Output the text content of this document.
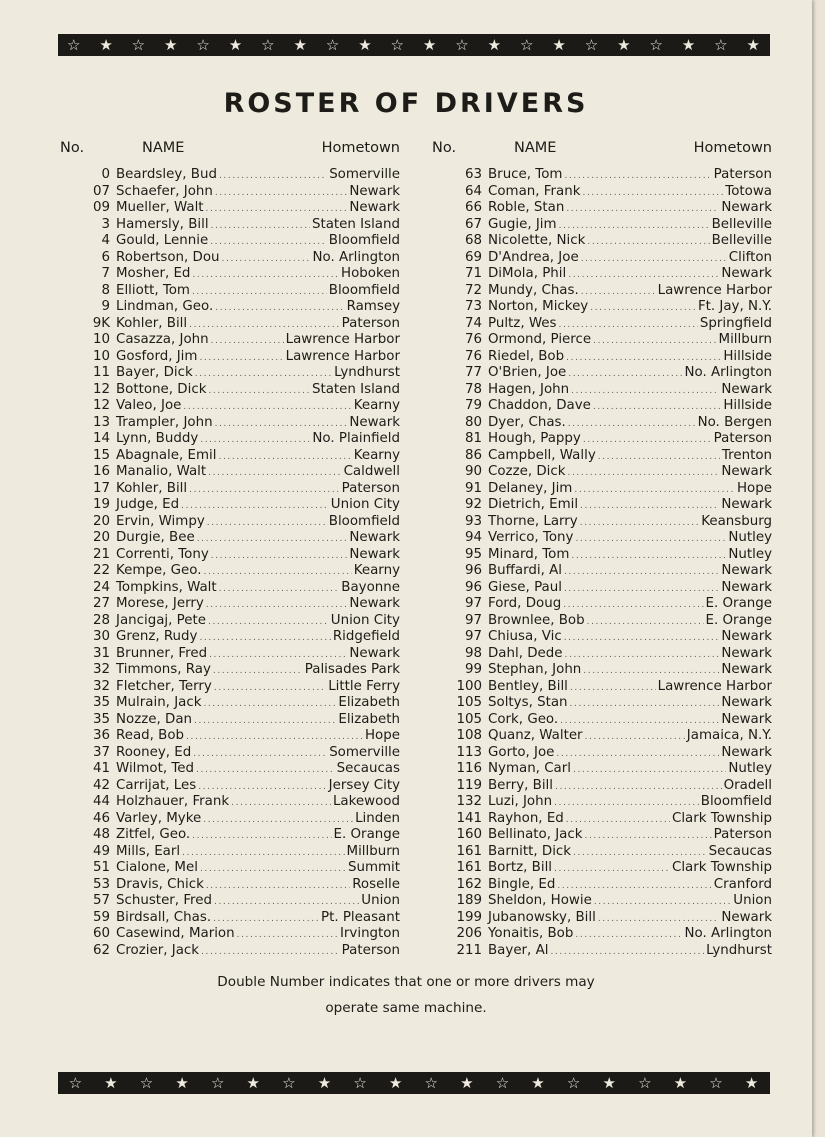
☆ ★ ☆ ★ ☆ ★ ☆ ★ ☆ ★ ☆ ★ ☆ ★ ☆ ★ ☆ ★ ☆ ★ ☆ ★
ROSTER OF DRIVERS
No.	NAME	Hometown
0 Beardsley, Bud .....	Somerville
07 Schaefer, John .....	Newark
09 Mueller, Walt .....	Newark
3 Hamersly, Bill .....	Staten Island
4 Gould, Lennie .....	Bloomfield
6 Robertson, Dou .....	No. Arlington
7 Mosher, Ed .....	Hoboken
8 Elliott, Tom .....	Bloomfield
9 Lindman, Geo. .....	Ramsey
9K Kohler, Bill .....	Paterson
10 Casazza, John .....	Lawrence Harbor
10 Gosford, Jim .....	Lawrence Harbor
11 Bayer, Dick .....	Lyndhurst
12 Bottone, Dick .....	Staten Island
12 Valeo, Joe .....	Kearny
13 Trampler, John .....	Newark
14 Lynn, Buddy .....	No. Plainfield
15 Abagnale, Emil .....	Kearny
16 Manalio, Walt .....	Caldwell
17 Kohler, Bill .....	Paterson
19 Judge, Ed .....	Union City
20 Ervin, Wimpy .....	Bloomfield
20 Durgie, Bee .....	Newark
21 Correnti, Tony .....	Newark
22 Kempe, Geo. .....	Kearny
24 Tompkins, Walt .....	Bayonne
27 Morese, Jerry .....	Newark
28 Jancigaj, Pete .....	Union City
30 Grenz, Rudy .....	Ridgefield
31 Brunner, Fred .....	Newark
32 Timmons, Ray .....	Palisades Park
32 Fletcher, Terry .....	Little Ferry
35 Mulrain, Jack .....	Elizabeth
35 Nozze, Dan .....	Elizabeth
36 Read, Bob .....	Hope
37 Rooney, Ed .....	Somerville
41 Wilmot, Ted .....	Secaucas
42 Carrijat, Les .....	Jersey City
44 Holzhauer, Frank .....	Lakewood
46 Varley, Myke .....	Linden
48 Zitfel, Geo. .....	E. Orange
49 Mills, Earl .....	Millburn
51 Cialone, Mel .....	Summit
53 Dravis, Chick .....	Roselle
57 Schuster, Fred .....	Union
59 Birdsall, Chas. .....	Pt. Pleasant
60 Casewind, Marion .....	Irvington
62 Crozier, Jack .....	Paterson
No.	NAME	Hometown
63 Bruce, Tom .....	Paterson
64 Coman, Frank .....	Totowa
66 Roble, Stan .....	Newark
67 Gugie, Jim .....	Belleville
68 Nicolette, Nick .....	Belleville
69 D'Andrea, Joe .....	Clifton
71 DiMola, Phil .....	Newark
72 Mundy, Chas. .....	Lawrence Harbor
73 Norton, Mickey .....	Ft. Jay, N.Y.
74 Pultz, Wes .....	Springfield
76 Ormond, Pierce .....	Millburn
76 Riedel, Bob .....	Hillside
77 O'Brien, Joe .....	No. Arlington
78 Hagen, John .....	Newark
79 Chaddon, Dave .....	Hillside
80 Dyer, Chas. .....	No. Bergen
81 Hough, Pappy .....	Paterson
86 Campbell, Wally .....	Trenton
90 Cozze, Dick .....	Newark
91 Delaney, Jim .....	Hope
92 Dietrich, Emil .....	Newark
93 Thorne, Larry .....	Keansburg
94 Verrico, Tony .....	Nutley
95 Minard, Tom .....	Nutley
96 Buffardi, Al .....	Newark
96 Giese, Paul .....	Newark
97 Ford, Doug .....	E. Orange
97 Brownlee, Bob .....	E. Orange
97 Chiusa, Vic .....	Newark
98 Dahl, Dede .....	Newark
99 Stephan, John .....	Newark
100 Bentley, Bill .....	Lawrence Harbor
105 Soltys, Stan .....	Newark
105 Cork, Geo. .....	Newark
108 Quanz, Walter .....	Jamaica, N.Y.
113 Gorto, Joe .....	Newark
116 Nyman, Carl .....	Nutley
119 Berry, Bill .....	Oradell
132 Luzi, John .....	Bloomfield
141 Rayhon, Ed .....	Clark Township
160 Bellinato, Jack .....	Paterson
161 Barnitt, Dick .....	Secaucas
161 Bortz, Bill .....	Clark Township
162 Bingle, Ed .....	Cranford
189 Sheldon, Howie .....	Union
199 Jubanowsky, Bill .....	Newark
206 Yonaitis, Bob .....	No. Arlington
211 Bayer, Al .....	Lyndhurst
Double Number indicates that one or more drivers may
operate same machine.
☆ ★ ☆ ★ ☆ ★ ☆ ★ ☆ ★ ☆ ★ ☆ ★ ☆ ★ ☆ ★ ☆ ★
